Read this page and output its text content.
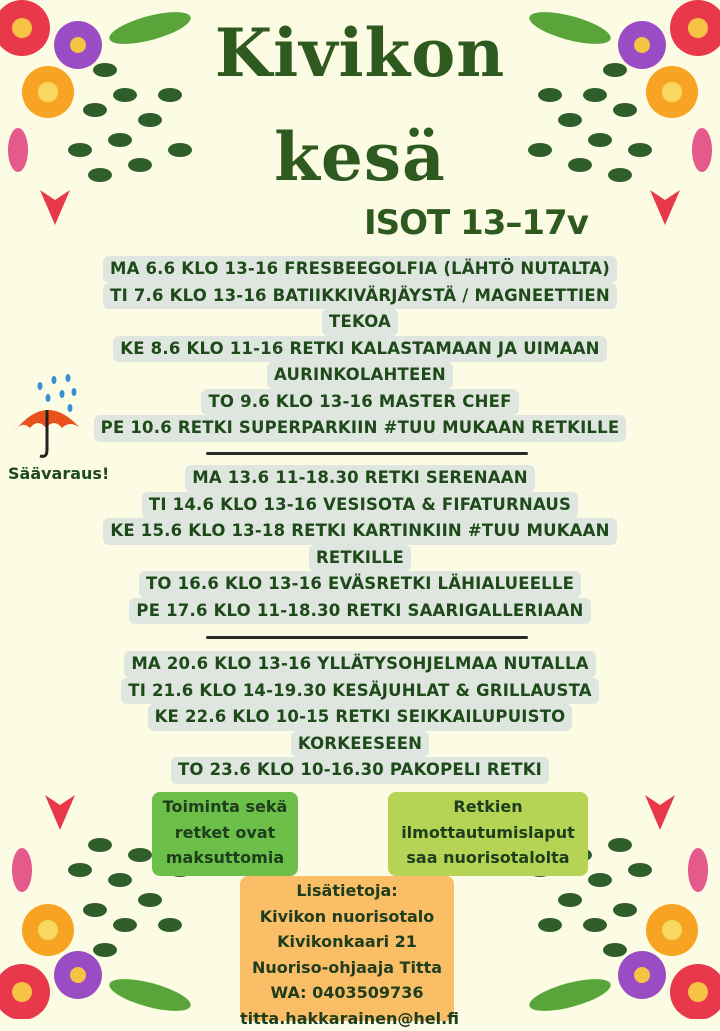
Kivikon
kesä
ISOT 13–17v
Säävaraus!
MA 6.6 KLO 13-16 FRESBEEGOLFIA (LÄHTÖ NUTALTA)
TI 7.6 KLO 13-16 BATIIKKIVÄRJÄYSTÄ / MAGNEETTIEN
TEKOA
KE 8.6 KLO 11-16 RETKI KALASTAMAAN JA UIMAAN
AURINKOLAHTEEN
TO 9.6 KLO 13-16 MASTER CHEF
PE 10.6 RETKI SUPERPARKIIN #TUU MUKAAN RETKILLE
MA 13.6 11-18.30 RETKI SERENAAN
TI 14.6 KLO 13-16 VESISOTA & FIFATURNAUS
KE 15.6 KLO 13-18 RETKI KARTINKIIN #TUU MUKAAN
RETKILLE
TO 16.6 KLO 13-16 EVÄSRETKI LÄHIALUEELLE
PE 17.6 KLO 11-18.30 RETKI SAARIGALLERIAAN
MA 20.6 KLO 13-16 YLLÄTYSOHJELMAA NUTALLA
TI 21.6 KLO 14-19.30 KESÄJUHLAT & GRILLAUSTA
KE 22.6 KLO 10-15 RETKI SEIKKAILUPUISTO
KORKEESEEN
TO 23.6 KLO 10-16.30 PAKOPELI RETKI
Toiminta sekä
retket ovat
maksuttomia
Retkien
ilmottautumislaput
saa nuorisotalolta
Lisätietoja:
Kivikon nuorisotalo
Kivikonkaari 21
Nuoriso-ohjaaja Titta
WA: 0403509736
titta.hakkarainen@hel.fi
